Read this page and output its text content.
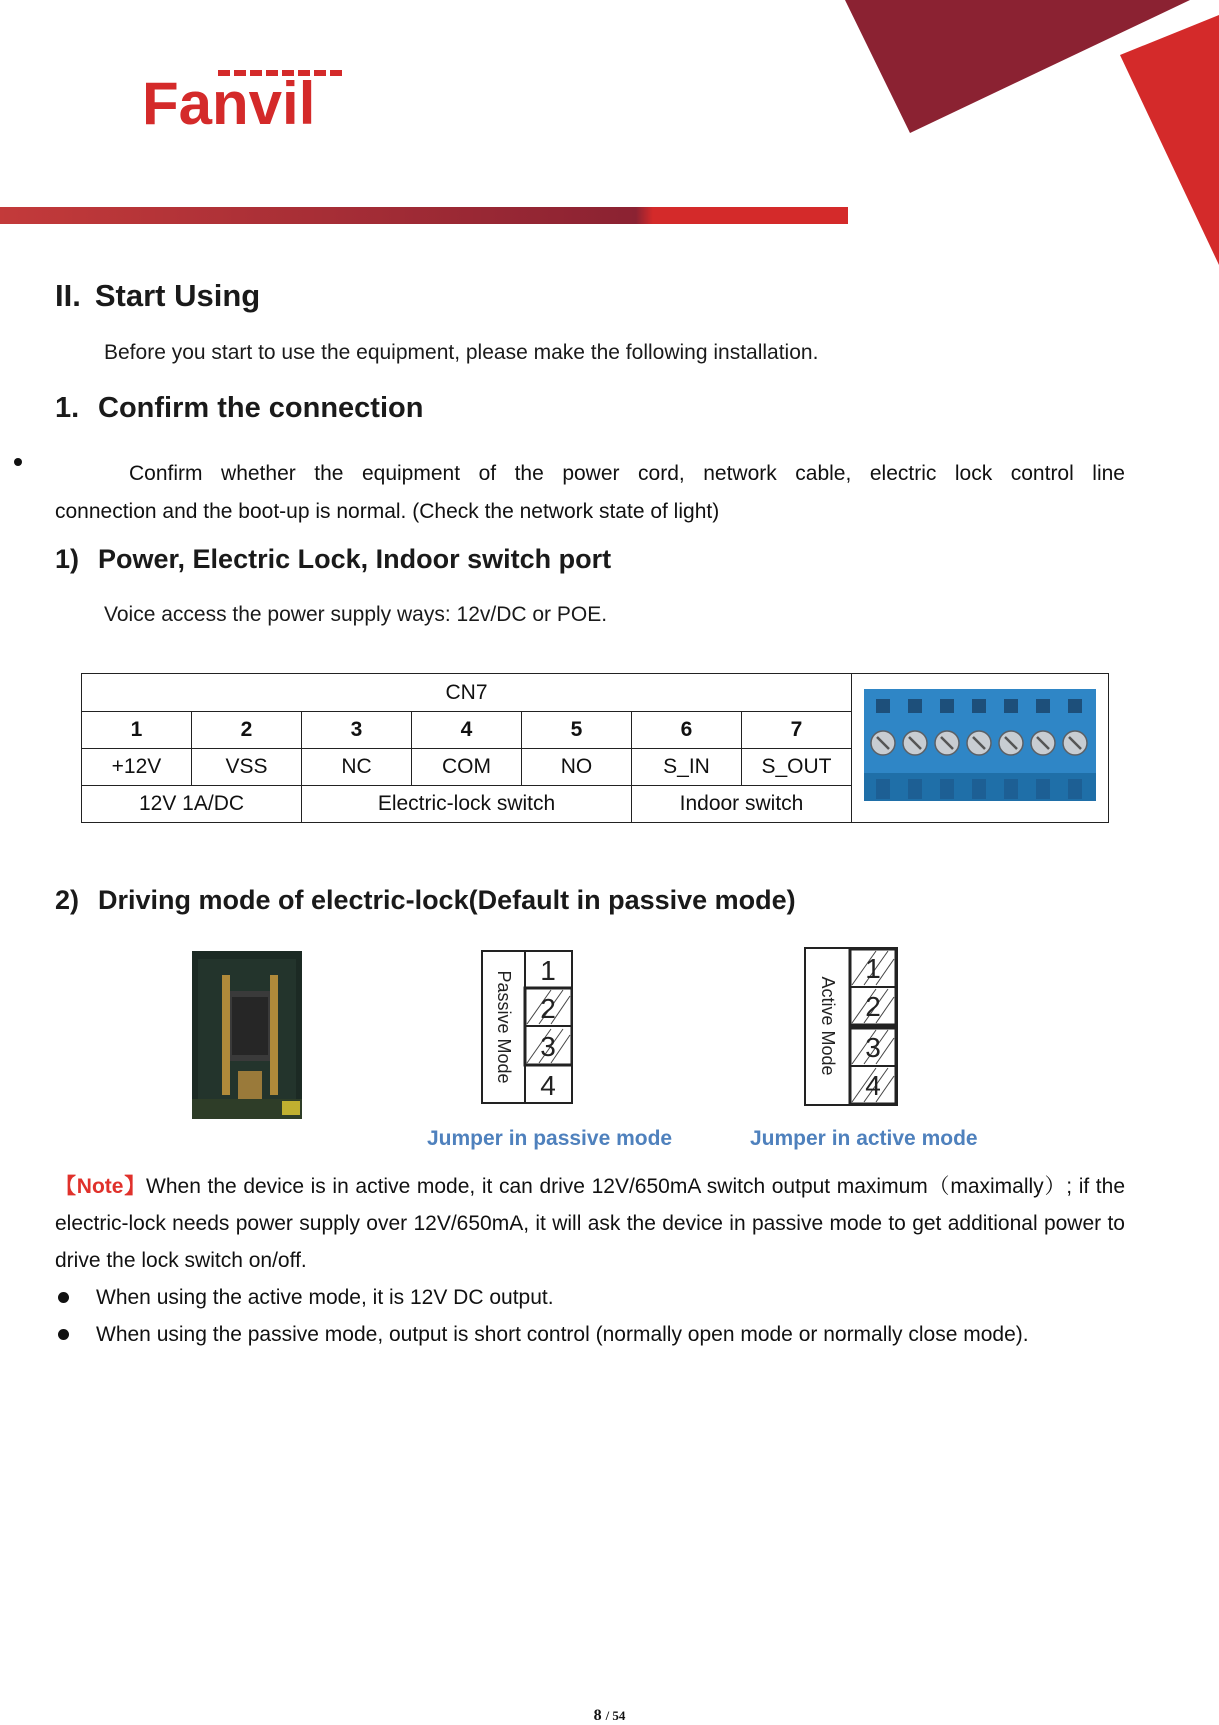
Fanvil
II. Start Using
Before you start to use the equipment, please make the following installation.
1. Confirm the connection
Confirm whether the equipment of the power cord, network cable, electric lock control line
connection and the boot-up is normal. (Check the network state of light)
1) Power, Electric Lock, Indoor switch port
Voice access the power supply ways: 12v/DC or POE.
CN7	
1	2	3	4	5	6	7	
+12V	VSS	NC	COM	NO	S_IN	S_OUT	
12V 1A/DC		Electric-lock switch			Indoor switch		
2) Driving mode of electric-lock(Default in passive mode)
Passive Mode 1
2
3
4
Active Mode
1
2
3
4
Jumper in passive mode	Jumper in active mode
【Note】When the device is in active mode, it can drive 12V/650mA switch output maximum（maximally）; if the electric-lock needs power supply over 12V/650mA, it will ask the device in passive mode to get additional power to drive the lock switch on/off.
When using the active mode, it is 12V DC output.
When using the passive mode, output is short control (normally open mode or normally close mode).
8 / 54
